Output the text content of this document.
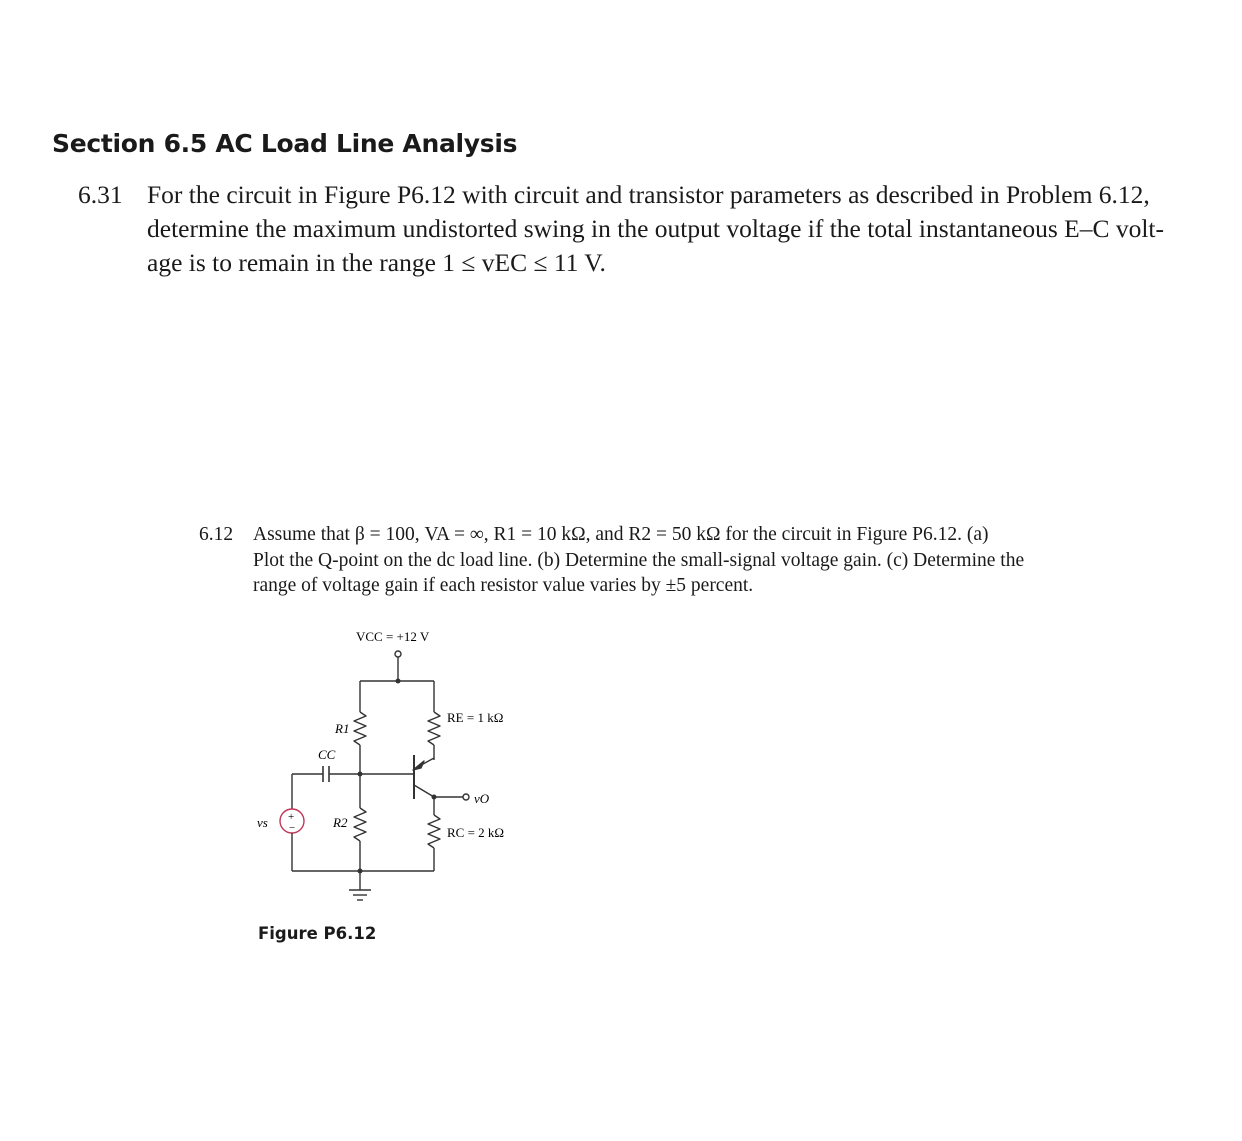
Section 6.5 AC Load Line Analysis
6.31 For the circuit in Figure P6.12 with circuit and transistor parameters as described in Problem 6.12,
determine the maximum undistorted swing in the output voltage if the total instantaneous E–C volt-
age is to remain in the range 1 ≤ vEC ≤ 11 V.
6.12 Assume that β = 100, VA = ∞, R1 = 10 kΩ, and R2 = 50 kΩ for the circuit in Figure P6.12. (a)
Plot the Q-point on the dc load line. (b) Determine the small-signal voltage gain. (c) Determine the
range of voltage gain if each resistor value varies by ±5 percent.
VCC = +12 V
RE = 1 kΩ
RC = 2 kΩ
R1
R2
CC
vO
vs +
−
Figure P6.12
